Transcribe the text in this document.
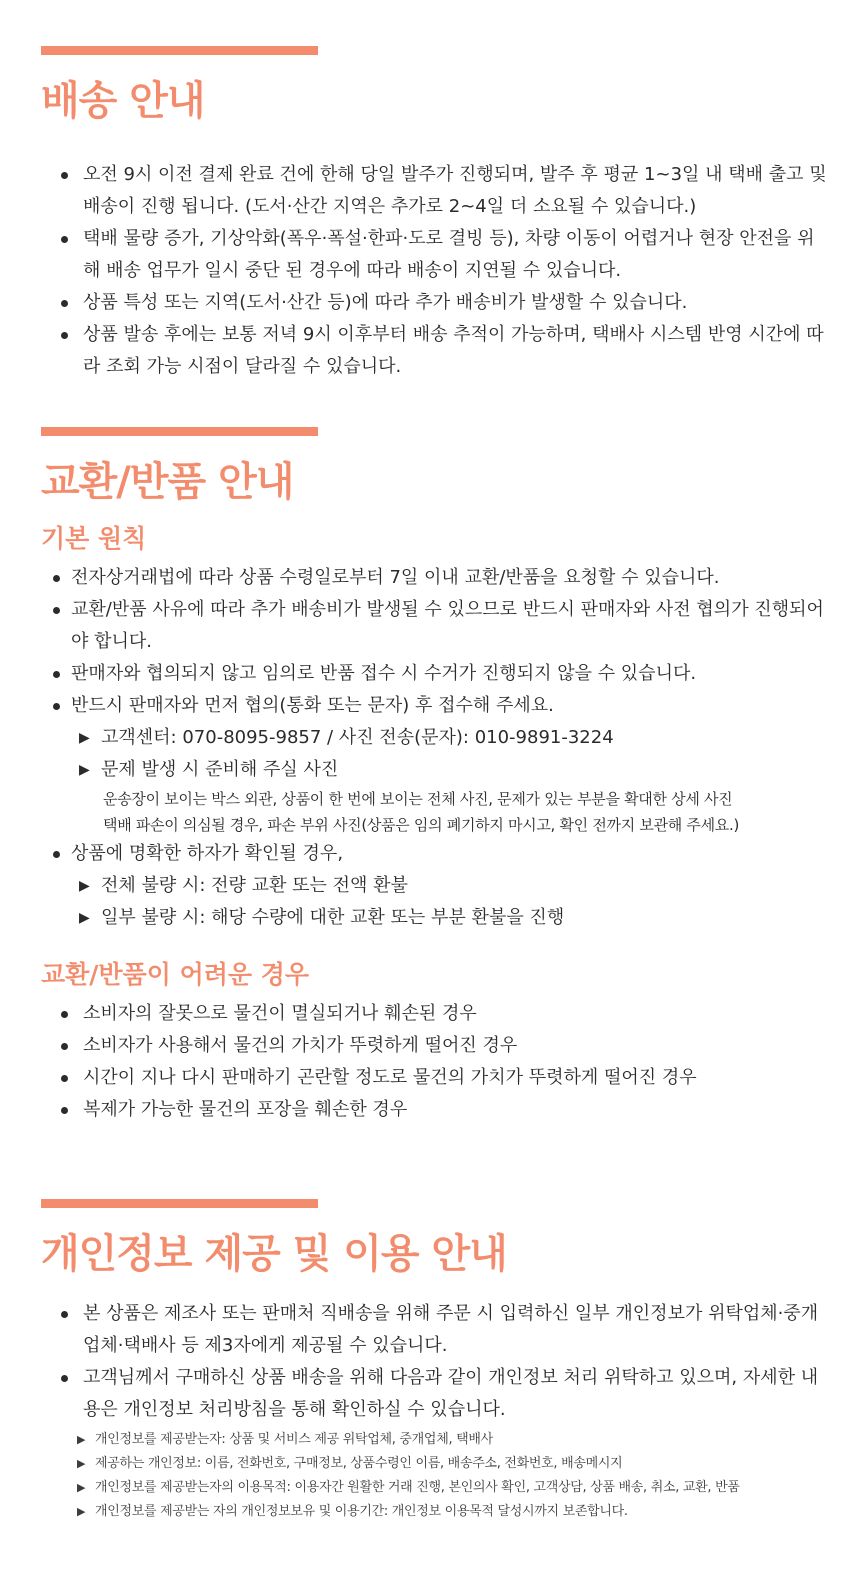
배송 안내
오전 9시 이전 결제 완료 건에 한해 당일 발주가 진행되며, 발주 후 평균 1~3일 내 택배 출고 및 배송이 진행 됩니다. (도서·산간 지역은 추가로 2~4일 더 소요될 수 있습니다.)
택배 물량 증가, 기상악화(폭우·폭설·한파·도로 결빙 등), 차량 이동이 어렵거나 현장 안전을 위해 배송 업무가 일시 중단 된 경우에 따라 배송이 지연될 수 있습니다.
상품 특성 또는 지역(도서·산간 등)에 따라 추가 배송비가 발생할 수 있습니다.
상품 발송 후에는 보통 저녁 9시 이후부터 배송 추적이 가능하며, 택배사 시스템 반영 시간에 따라 조회 가능 시점이 달라질 수 있습니다.
교환/반품 안내
기본 원칙
전자상거래법에 따라 상품 수령일로부터 7일 이내 교환/반품을 요청할 수 있습니다.
교환/반품 사유에 따라 추가 배송비가 발생될 수 있으므로 반드시 판매자와 사전 협의가 진행되어야 합니다.
판매자와 협의되지 않고 임의로 반품 접수 시 수거가 진행되지 않을 수 있습니다.
반드시 판매자와 먼저 협의(통화 또는 문자) 후 접수해 주세요.
▶ 고객센터: 070-8095-9857 / 사진 전송(문자): 010-9891-3224
▶ 문제 발생 시 준비해 주실 사진
운송장이 보이는 박스 외관, 상품이 한 번에 보이는 전체 사진, 문제가 있는 부분을 확대한 상세 사진
택배 파손이 의심될 경우, 파손 부위 사진(상품은 임의 폐기하지 마시고, 확인 전까지 보관해 주세요.)
상품에 명확한 하자가 확인될 경우,
▶ 전체 불량 시: 전량 교환 또는 전액 환불
▶ 일부 불량 시: 해당 수량에 대한 교환 또는 부분 환불을 진행
교환/반품이 어려운 경우
소비자의 잘못으로 물건이 멸실되거나 훼손된 경우
소비자가 사용해서 물건의 가치가 뚜렷하게 떨어진 경우
시간이 지나 다시 판매하기 곤란할 정도로 물건의 가치가 뚜렷하게 떨어진 경우
복제가 가능한 물건의 포장을 훼손한 경우
개인정보 제공 및 이용 안내
본 상품은 제조사 또는 판매처 직배송을 위해 주문 시 입력하신 일부 개인정보가 위탁업체·중개업체·택배사 등 제3자에게 제공될 수 있습니다.
고객님께서 구매하신 상품 배송을 위해 다음과 같이 개인정보 처리 위탁하고 있으며, 자세한 내용은 개인정보 처리방침을 통해 확인하실 수 있습니다.
▶ 개인정보를 제공받는자: 상품 및 서비스 제공 위탁업체, 중개업체, 택배사
▶ 제공하는 개인정보: 이름, 전화번호, 구매정보, 상품수령인 이름, 배송주소, 전화번호, 배송메시지
▶ 개인정보를 제공받는자의 이용목적: 이용자간 원활한 거래 진행, 본인의사 확인, 고객상담, 상품 배송, 취소, 교환, 반품
▶ 개인정보를 제공받는 자의 개인정보보유 및 이용기간: 개인정보 이용목적 달성시까지 보존합니다.
